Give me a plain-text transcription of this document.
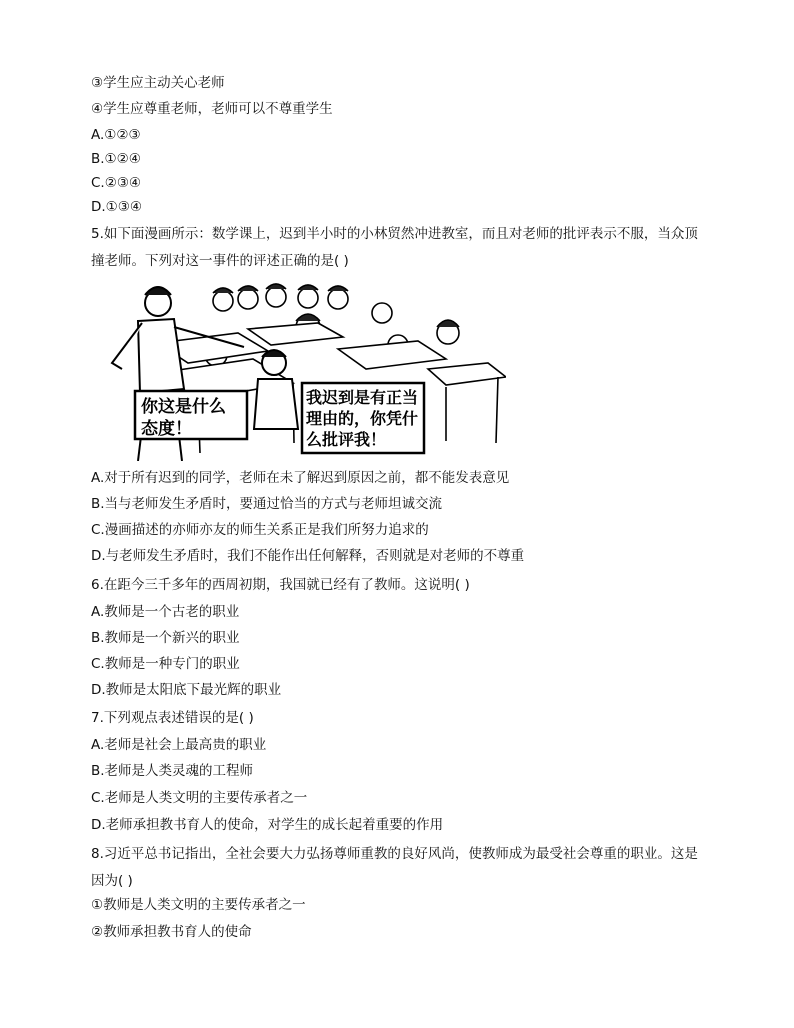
③学生应主动关心老师
④学生应尊重老师，老师可以不尊重学生
A.①②③
B.①②④
C.②③④
D.①③④
5.如下面漫画所示：数学课上，迟到半小时的小林贸然冲进教室，而且对老师的批评表示不服，当众顶撞老师。下列对这一事件的评述正确的是( )
你这是什么
态度！
我迟到是有正当
理由的，你凭什
么批评我！
A.对于所有迟到的同学，老师在未了解迟到原因之前，都不能发表意见
B.当与老师发生矛盾时，要通过恰当的方式与老师坦诚交流
C.漫画描述的亦师亦友的师生关系正是我们所努力追求的
D.与老师发生矛盾时，我们不能作出任何解释，否则就是对老师的不尊重
6.在距今三千多年的西周初期，我国就已经有了教师。这说明( )
A.教师是一个古老的职业
B.教师是一个新兴的职业
C.教师是一种专门的职业
D.教师是太阳底下最光辉的职业
7.下列观点表述错误的是( )
A.老师是社会上最高贵的职业
B.老师是人类灵魂的工程师
C.老师是人类文明的主要传承者之一
D.老师承担教书育人的使命，对学生的成长起着重要的作用
8.习近平总书记指出，全社会要大力弘扬尊师重教的良好风尚，使教师成为最受社会尊重的职业。这是因为( )
①教师是人类文明的主要传承者之一
②教师承担教书育人的使命
